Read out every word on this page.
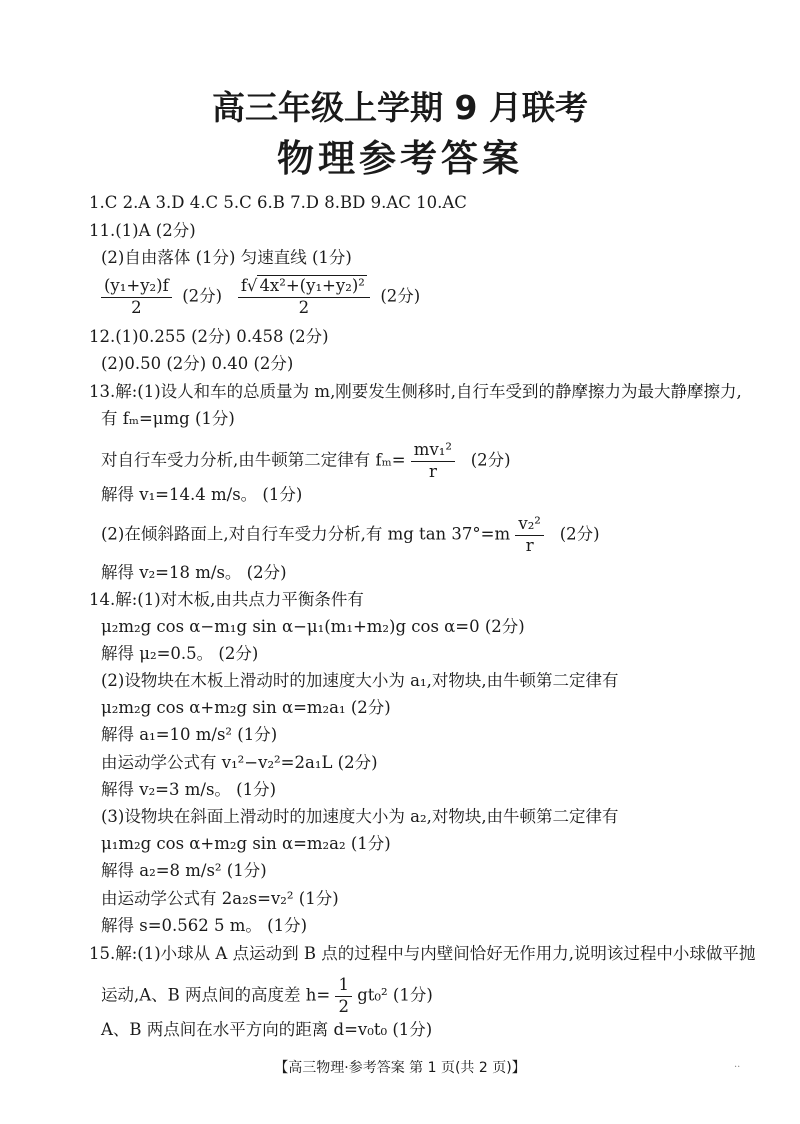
高三年级上学期 9 月联考
物理参考答案
1.C 2.A 3.D 4.C 5.C 6.B 7.D 8.BD 9.AC 10.AC
11.(1)A (2分)
(2)自由落体 (1分) 匀速直线 (1分)
$\frac{\text{(y₁+y₂)f}}{2} (2$分) $\frac{\text{f√ 4x²+(y₁+y₂)²}}{2} (2$分)
12.(1)0.255 (2分) 0.458 (2分)
(2)0.50 (2分) 0.40 (2分)
13.解:(1)设人和车的总质量为 m,刚要发生侧移时,自行车受到的静摩擦力为最大静摩擦力,
有 fₘ=μmg (1分)
对自行车受力分析,由牛顿第二定律有 $f_m= \frac{\text{mv₁²}}{r} (2$分)
解得 v₁=14.4 m/s。 (1分)
(2)在倾斜路面上,对自行车受力分析,有 mg $\tan 37^\circ=m \frac{\text{v₂²}}{r} (2$分)
解得 v₂=18 m/s。 (2分)
14.解:(1)对木板,由共点力平衡条件有
μ₂m₂g cos α−m₁g sin α−μ₁(m₁+m₂)g cos α=0 (2分)
解得 μ₂=0.5。 (2分)
(2)设物块在木板上滑动时的加速度大小为 a₁,对物块,由牛顿第二定律有
μ₂m₂g cos α+m₂g sin α=m₂a₁ (2分)
解得 a₁=10 m/s² (1分)
由运动学公式有 v₁²−v₂²=2a₁L (2分)
解得 v₂=3 m/s。 (1分)
(3)设物块在斜面上滑动时的加速度大小为 a₂,对物块,由牛顿第二定律有
μ₁m₂g cos α+m₂g sin α=m₂a₂ (1分)
解得 a₂=8 m/s² (1分)
由运动学公式有 2a₂s=v₂² (1分)
解得 s=0.562 5 m。 (1分)
15.解:(1)小球从 A 点运动到 B 点的过程中与内壁间恰好无作用力,说明该过程中小球做平抛
运动,A、B 两点间的高度差 $h= \frac{1}{2} gt_0^2$ (1分)
A、B 两点间在水平方向的距离 d=v₀t₀ (1分)
【高三物理·参考答案 第 1 页(共 2 页)】	··
